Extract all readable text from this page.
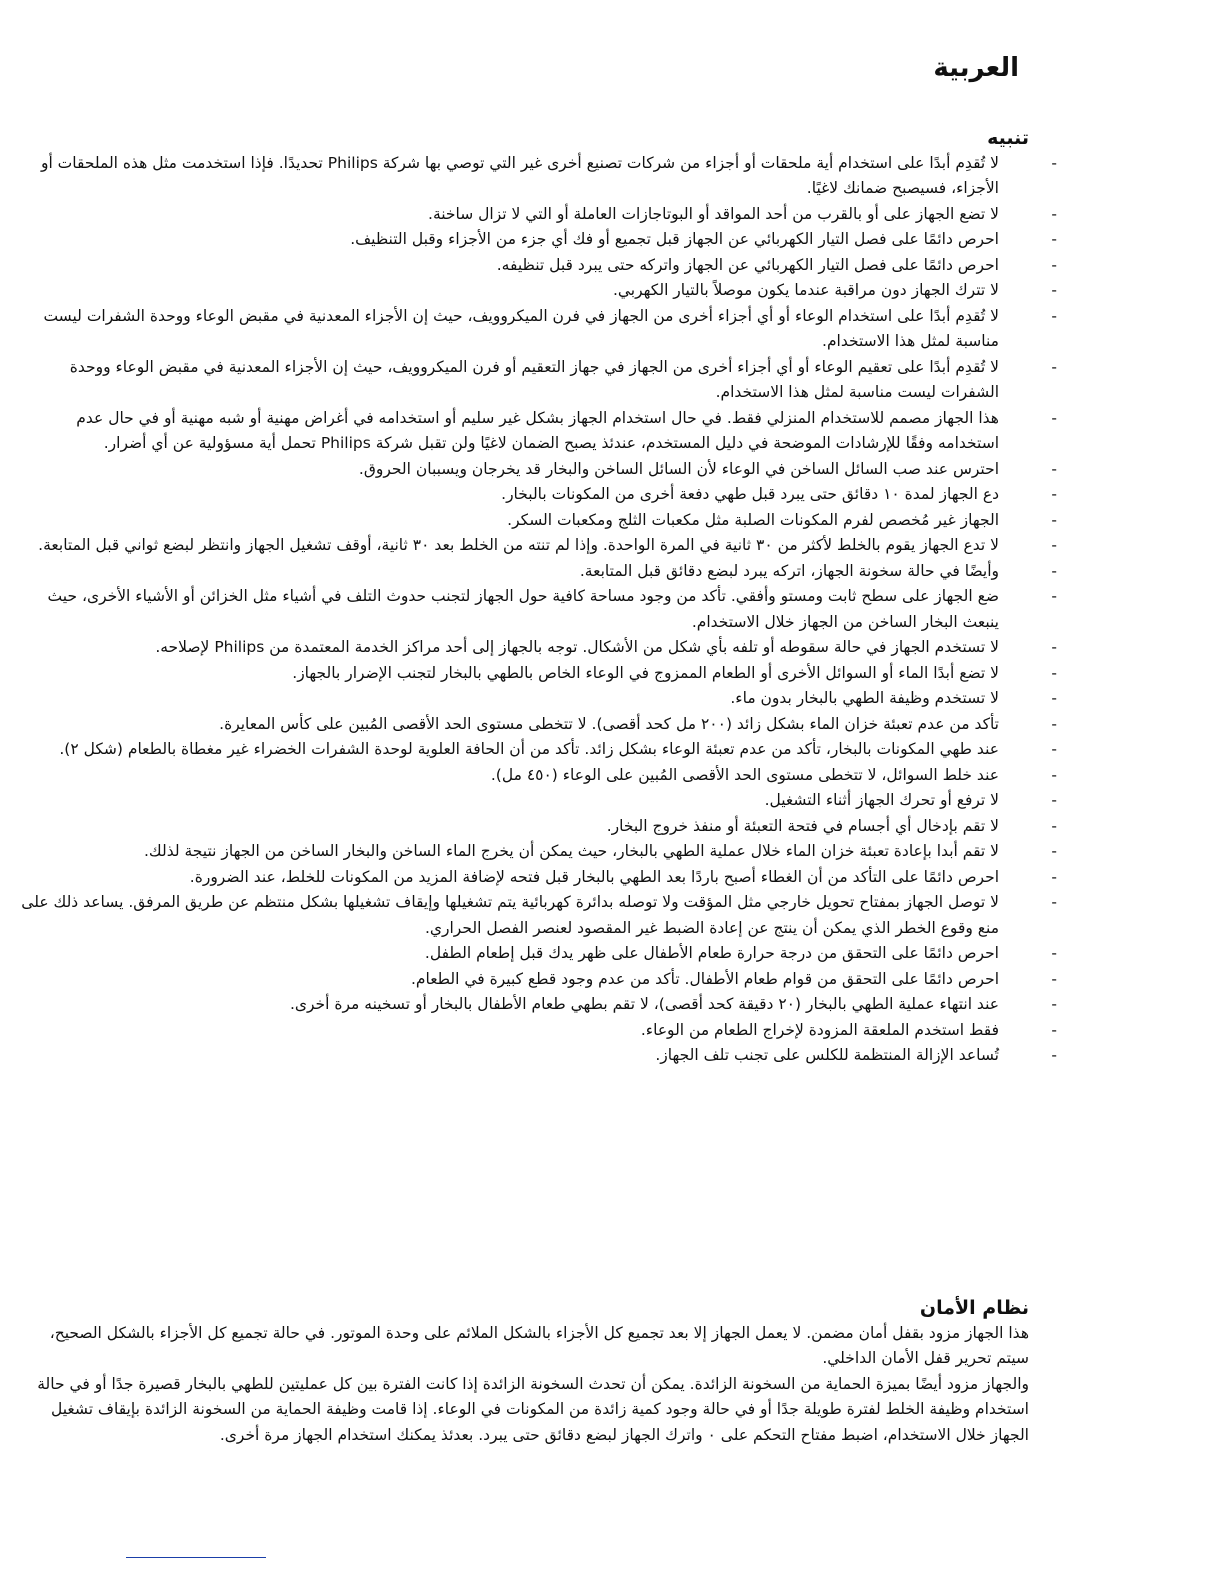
العربية
تنبيه
- لا تُقدِم أبدًا على استخدام أية ملحقات أو أجزاء من شركات تصنيع أخرى غير التي توصي بها شركة Philips تحديدًا. فإذا استخدمت مثل هذه الملحقات أو الأجزاء، فسيصبح ضمانك لاغيًا.
- لا تضع الجهاز على أو بالقرب من أحد المواقد أو البوتاجازات العاملة أو التي لا تزال ساخنة.
- احرص دائمًا على فصل التيار الكهربائي عن الجهاز قبل تجميع أو فك أي جزء من الأجزاء وقبل التنظيف.
- احرص دائمًا على فصل التيار الكهربائي عن الجهاز واتركه حتى يبرد قبل تنظيفه.
- لا تترك الجهاز دون مراقبة عندما يكون موصلاً بالتيار الكهربي.
- لا تُقدِم أبدًا على استخدام الوعاء أو أي أجزاء أخرى من الجهاز في فرن الميكروويف، حيث إن الأجزاء المعدنية في مقبض الوعاء ووحدة الشفرات ليست مناسبة لمثل هذا الاستخدام.
- لا تُقدِم أبدًا على تعقيم الوعاء أو أي أجزاء أخرى من الجهاز في جهاز التعقيم أو فرن الميكروويف، حيث إن الأجزاء المعدنية في مقبض الوعاء ووحدة الشفرات ليست مناسبة لمثل هذا الاستخدام.
- هذا الجهاز مصمم للاستخدام المنزلي فقط. في حال استخدام الجهاز بشكل غير سليم أو استخدامه في أغراض مهنية أو شبه مهنية أو في حال عدم استخدامه وفقًا للإرشادات الموضحة في دليل المستخدم، عندئذ يصبح الضمان لاغيًا ولن تقبل شركة Philips تحمل أية مسؤولية عن أي أضرار.
- احترس عند صب السائل الساخن في الوعاء لأن السائل الساخن والبخار قد يخرجان ويسببان الحروق.
- دع الجهاز لمدة ١٠ دقائق حتى يبرد قبل طهي دفعة أخرى من المكونات بالبخار.
- الجهاز غير مُخصص لفرم المكونات الصلبة مثل مكعبات الثلج ومكعبات السكر.
- لا تدع الجهاز يقوم بالخلط لأكثر من ٣٠ ثانية في المرة الواحدة. وإذا لم تنته من الخلط بعد ٣٠ ثانية، أوقف تشغيل الجهاز وانتظر لبضع ثواني قبل المتابعة.
- وأيضًا في حالة سخونة الجهاز، اتركه يبرد لبضع دقائق قبل المتابعة.
- ضع الجهاز على سطح ثابت ومستو وأفقي. تأكد من وجود مساحة كافية حول الجهاز لتجنب حدوث التلف في أشياء مثل الخزائن أو الأشياء الأخرى، حيث ينبعث البخار الساخن من الجهاز خلال الاستخدام.
- لا تستخدم الجهاز في حالة سقوطه أو تلفه بأي شكل من الأشكال. توجه بالجهاز إلى أحد مراكز الخدمة المعتمدة من Philips لإصلاحه.
- لا تضع أبدًا الماء أو السوائل الأخرى أو الطعام الممزوج في الوعاء الخاص بالطهي بالبخار لتجنب الإضرار بالجهاز.
- لا تستخدم وظيفة الطهي بالبخار بدون ماء.
- تأكد من عدم تعبئة خزان الماء بشكل زائد (٢٠٠ مل كحد أقصى). لا تتخطى مستوى الحد الأقصى المُبين على كأس المعايرة.
- عند طهي المكونات بالبخار، تأكد من عدم تعبئة الوعاء بشكل زائد. تأكد من أن الحافة العلوية لوحدة الشفرات الخضراء غير مغطاة بالطعام (شكل ٢).
- عند خلط السوائل، لا تتخطى مستوى الحد الأقصى المُبين على الوعاء (٤٥٠ مل).
- لا ترفع أو تحرك الجهاز أثناء التشغيل.
- لا تقم بإدخال أي أجسام في فتحة التعبئة أو منفذ خروج البخار.
- لا تقم أبدا بإعادة تعبئة خزان الماء خلال عملية الطهي بالبخار، حيث يمكن أن يخرج الماء الساخن والبخار الساخن من الجهاز نتيجة لذلك.
- احرص دائمًا على التأكد من أن الغطاء أصبح باردًا بعد الطهي بالبخار قبل فتحه لإضافة المزيد من المكونات للخلط، عند الضرورة.
- لا توصل الجهاز بمفتاح تحويل خارجي مثل المؤقت ولا توصله بدائرة كهربائية يتم تشغيلها وإيقاف تشغيلها بشكل منتظم عن طريق المرفق. يساعد ذلك على منع وقوع الخطر الذي يمكن أن ينتج عن إعادة الضبط غير المقصود لعنصر الفصل الحراري.
- احرص دائمًا على التحقق من درجة حرارة طعام الأطفال على ظهر يدك قبل إطعام الطفل.
- احرص دائمًا على التحقق من قوام طعام الأطفال. تأكد من عدم وجود قطع كبيرة في الطعام.
- عند انتهاء عملية الطهي بالبخار (٢٠ دقيقة كحد أقصى)، لا تقم بطهي طعام الأطفال بالبخار أو تسخينه مرة أخرى.
- فقط استخدم الملعقة المزودة لإخراج الطعام من الوعاء.
- تُساعد الإزالة المنتظمة للكلس على تجنب تلف الجهاز.
نظام الأمان

هذا الجهاز مزود بقفل أمان مضمن. لا يعمل الجهاز إلا بعد تجميع كل الأجزاء بالشكل الملائم على وحدة الموتور. في حالة تجميع كل الأجزاء بالشكل الصحيح، سيتم تحرير قفل الأمان الداخلي.

والجهاز مزود أيضًا بميزة الحماية من السخونة الزائدة. يمكن أن تحدث السخونة الزائدة إذا كانت الفترة بين كل عمليتين للطهي بالبخار قصيرة جدًا أو في حالة استخدام وظيفة الخلط لفترة طويلة جدًا أو في حالة وجود كمية زائدة من المكونات في الوعاء. إذا قامت وظيفة الحماية من السخونة الزائدة بإيقاف تشغيل الجهاز خلال الاستخدام، اضبط مفتاح التحكم على ٠ واترك الجهاز لبضع دقائق حتى يبرد. بعدئذ يمكنك استخدام الجهاز مرة أخرى.
